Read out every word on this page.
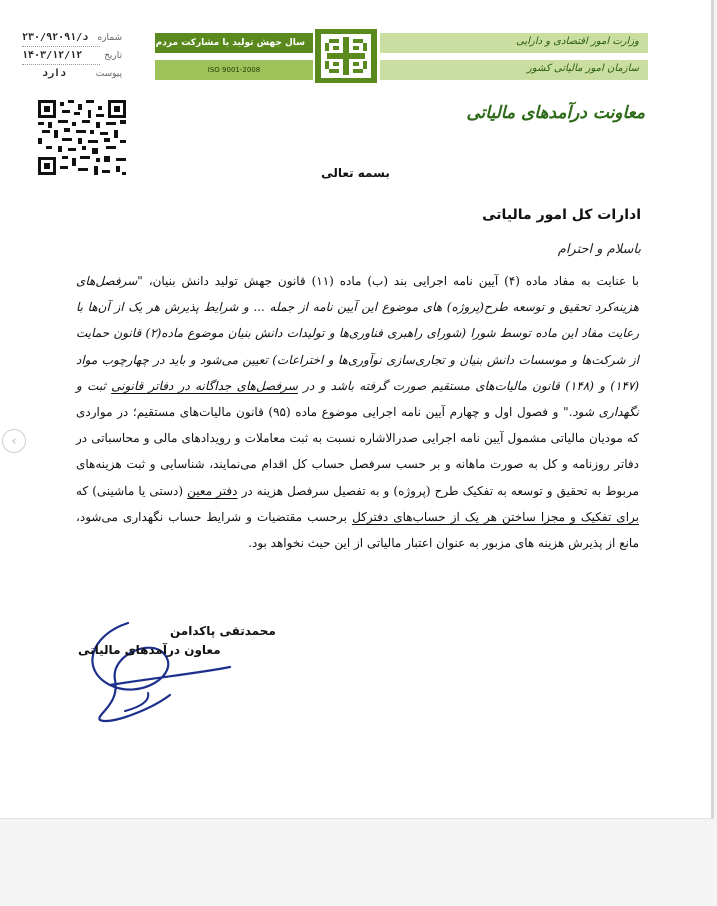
۲۳۰/۹۲۰۹۱/د شماره
۱۴۰۳/۱۲/۱۲ تاریخ
دارد	پیوست
سال جهش تولید با مشارکت مردم
ISO 9001-2008
وزارت امور اقتصادی و دارایی
سازمان امور مالیاتی کشور
معاونت درآمدهای مالیاتی
بسمه تعالی
ادارات کل امور مالیاتی
باسلام و احترام

با عنایت به مفاد ماده (۴) آیین نامه اجرایی بند (ب) ماده (۱۱) قانون جهش تولید دانش بنیان، "سرفصل‌های هزینه‌کرد تحقیق و توسعه طرح(پروژه) های موضوع این آیین نامه از جمله ... و شرایط پذیرش هر یک از آن‌ها با رعایت مفاد این ماده توسط شورا (شورای راهبری فناوری‌ها و تولیدات دانش بنیان موضوع ماده(۲) قانون حمایت از شرکت‌ها و موسسات دانش بنیان و تجاری‌سازی نوآوری‌ها و اختراعات) تعیین می‌شود و باید در چهارچوب مواد (۱۴۷) و (۱۴۸) قانون مالیات‌های مستقیم صورت گرفته باشد و در سرفصل‌های جداگانه در دفاتر قانونی ثبت و نگهداری شود." و فصول اول و چهارم آیین نامه اجرایی موضوع ماده (۹۵) قانون مالیات‌های مستقیم؛ در مواردی که مودیان مالیاتی مشمول آیین نامه اجرایی صدرالاشاره نسبت به ثبت معاملات و رویدادهای مالی و محاسباتی در دفاتر روزنامه و کل به صورت ماهانه و بر حسب سرفصل حساب کل اقدام می‌نمایند، شناسایی و ثبت هزینه‌های مربوط به تحقیق و توسعه به تفکیک طرح (پروژه) و به تفصیل سرفصل هزینه در دفتر معین (دستی یا ماشینی) که برای تفکیک و مجزا ساختن هر یک از حساب‌های دفترکل برحسب مقتضیات و شرایط حساب نگهداری می‌شود، مانع از پذیرش هزینه های مزبور به عنوان اعتبار مالیاتی از این حیث نخواهد بود.

محمدتقی پاکدامن
معاون درآمدهای مالیاتی
‹
